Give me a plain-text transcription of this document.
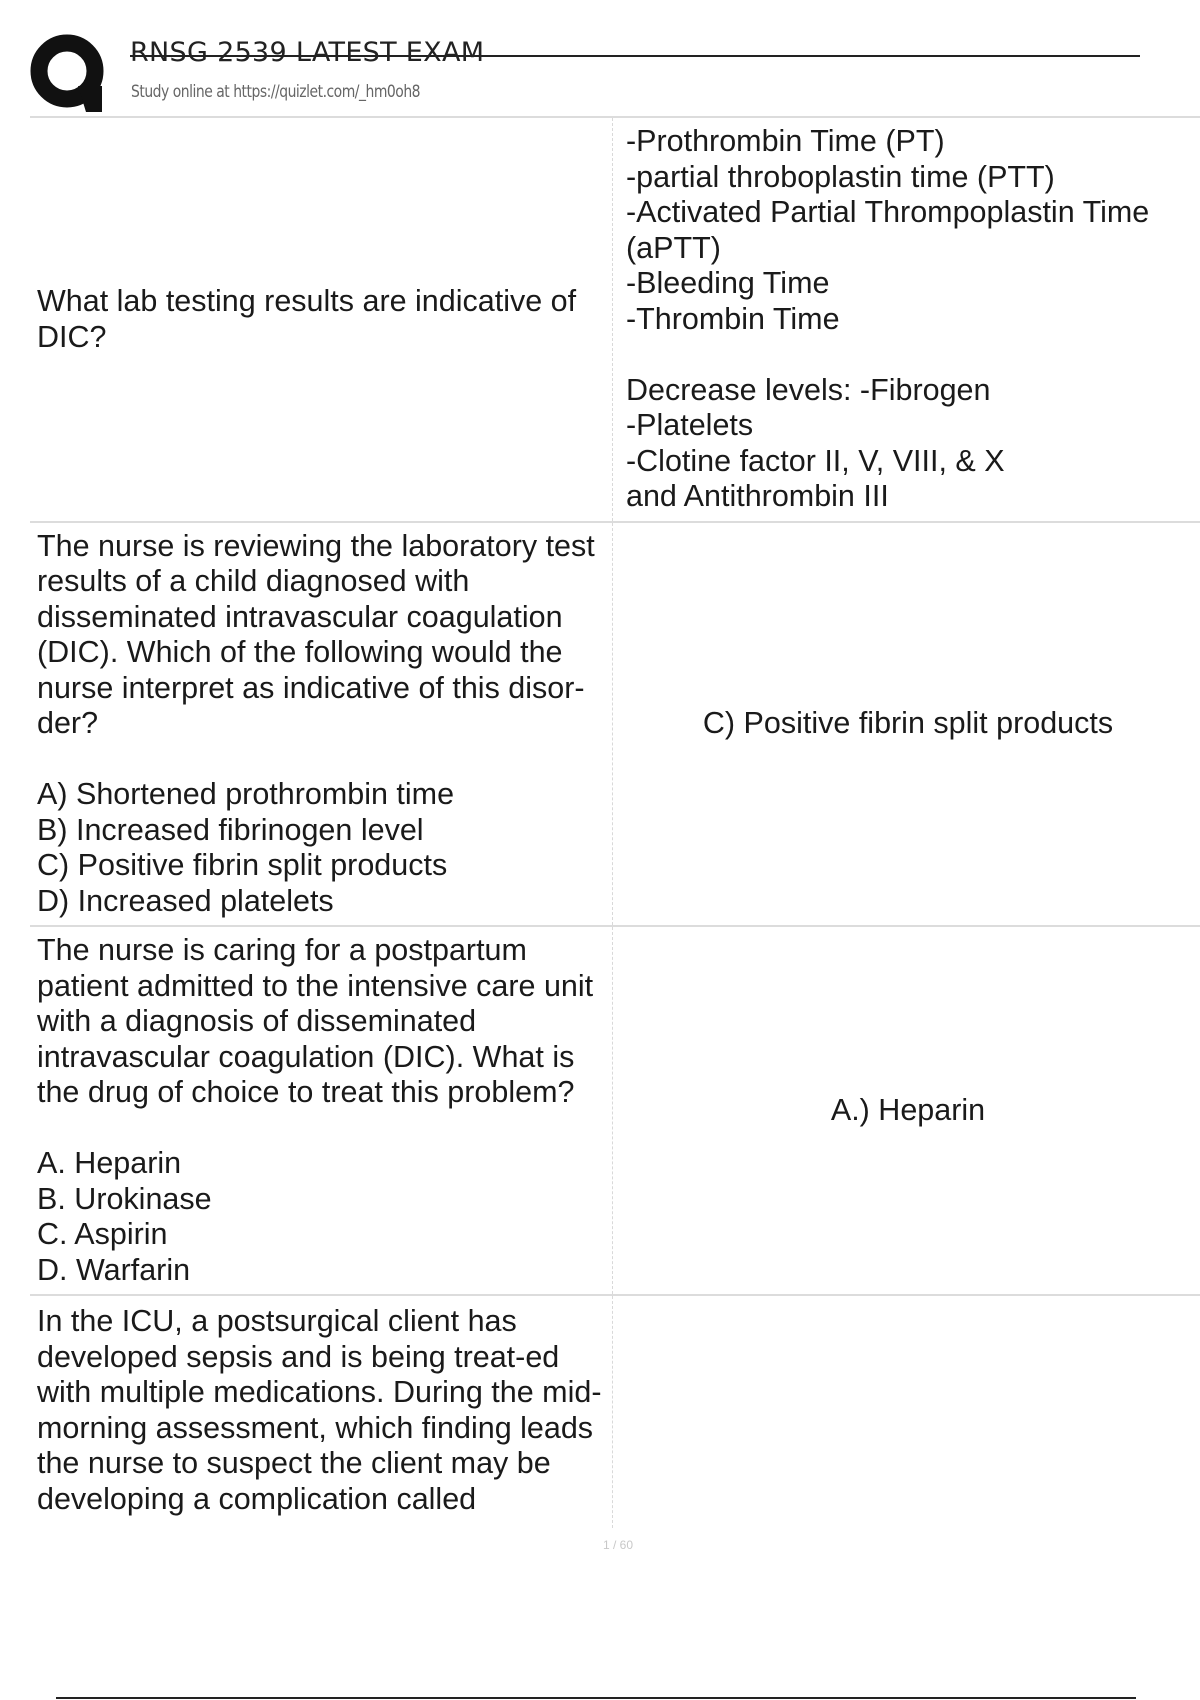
RNSG 2539 LATEST EXAM
Study online at https://quizlet.com/_hm0oh8
What lab testing results are indicative of DIC?
-Prothrombin Time (PT)
-partial throboplastin time (PTT)
-Activated Partial Thrompoplastin Time (aPTT)
-Bleeding Time
-Thrombin Time

Decrease levels: -Fibrogen
-Platelets
-Clotine factor II, V, VIII, & X
and Antithrombin III
The nurse is reviewing the laboratory test results of a child diagnosed with disseminated intravascular coagulation (DIC). Which of the following would the nurse interpret as indicative of this disor-​der?

A) Shortened prothrombin time
B) Increased fibrinogen level
C) Positive fibrin split products
D) Increased platelets
C) Positive fibrin split products
The nurse is caring for a postpartum patient admitted to the intensive care unit with a diagnosis of disseminated intravascular coagulation (DIC). What is the drug of choice to treat this problem?

A. Heparin
B. Urokinase
C. Aspirin
D. Warfarin
A.) Heparin
In the ICU, a postsurgical client has developed sepsis and is being treat-​ed with multiple medications. During the mid-morning assessment, which finding leads the nurse to suspect the client may be developing a complication called
1 / 60
